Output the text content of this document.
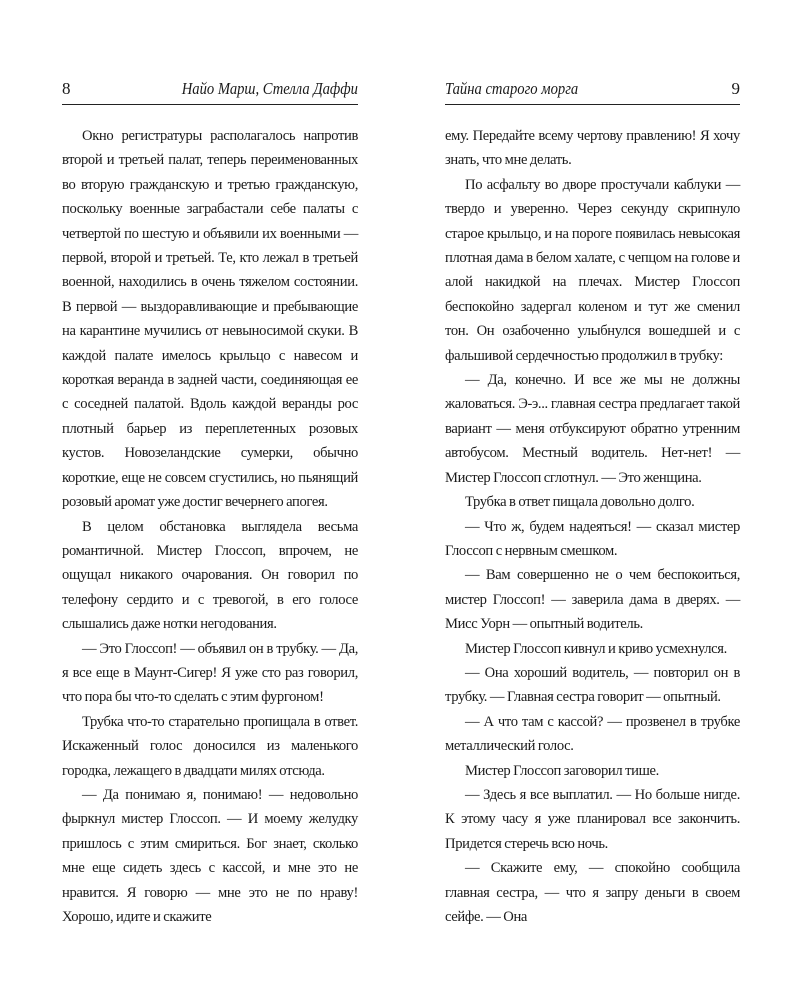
8	Найо Марш, Стелла Даффи

Окно регистратуры располагалось напротив второй и третьей палат, теперь переименованных во вторую гражданскую и третью гражданскую, поскольку военные заграбастали себе палаты с четвертой по шестую и объявили их военными — первой, второй и третьей. Те, кто лежал в третьей военной, находились в очень тяжелом состоянии. В первой — выздоравливающие и пребывающие на карантине мучились от невыносимой скуки. В каждой палате имелось крыльцо с навесом и короткая веранда в задней части, соединяющая ее с соседней палатой. Вдоль каждой веранды рос плотный барьер из переплетенных розовых кустов. Новозеландские сумерки, обычно короткие, еще не совсем сгустились, но пьянящий розовый аромат уже достиг вечернего апогея.

В целом обстановка выглядела весьма романтичной. Мистер Глоссоп, впрочем, не ощущал никакого очарования. Он говорил по телефону сердито и с тревогой, в его голосе слышались даже нотки негодования.

— Это Глоссоп! — объявил он в трубку. — Да, я все еще в Маунт-Сигер! Я уже сто раз говорил, что пора бы что-то сделать с этим фургоном!

Трубка что-то старательно пропищала в ответ. Искаженный голос доносился из маленького городка, лежащего в двадцати милях отсюда.

— Да понимаю я, понимаю! — недовольно фыркнул мистер Глоссоп. — И моему желудку пришлось с этим смириться. Бог знает, сколько мне еще сидеть здесь с кассой, и мне это не нравится. Я говорю — мне это не по нраву! Хорошо, идите и скажите

Тайна старого морга	9

ему. Передайте всему чертову правлению! Я хочу знать, что мне делать.

По асфальту во дворе простучали каблуки — твердо и уверенно. Через секунду скрипнуло старое крыльцо, и на пороге появилась невысокая плотная дама в белом халате, с чепцом на голове и алой накидкой на плечах. Мистер Глоссоп беспокойно задергал коленом и тут же сменил тон. Он озабоченно улыбнулся вошедшей и с фальшивой сердечностью продолжил в трубку:

— Да, конечно. И все же мы не должны жаловаться. Э-э... главная сестра предлагает такой вариант — меня отбуксируют обратно утренним автобусом. Местный водитель. Нет-нет! — Мистер Глоссоп сглотнул. — Это женщина.

Трубка в ответ пищала довольно долго.

— Что ж, будем надеяться! — сказал мистер Глоссоп с нервным смешком.

— Вам совершенно не о чем беспокоиться, мистер Глоссоп! — заверила дама в дверях. — Мисс Уорн — опытный водитель.

Мистер Глоссоп кивнул и криво усмехнулся.

— Она хороший водитель, — повторил он в трубку. — Главная сестра говорит — опытный.

— А что там с кассой? — прозвенел в трубке металлический голос.

Мистер Глоссоп заговорил тише.

— Здесь я все выплатил. — Но больше нигде. К этому часу я уже планировал все закончить. Придется стеречь всю ночь.

— Скажите ему, — спокойно сообщила главная сестра, — что я запру деньги в своем сейфе. — Она
